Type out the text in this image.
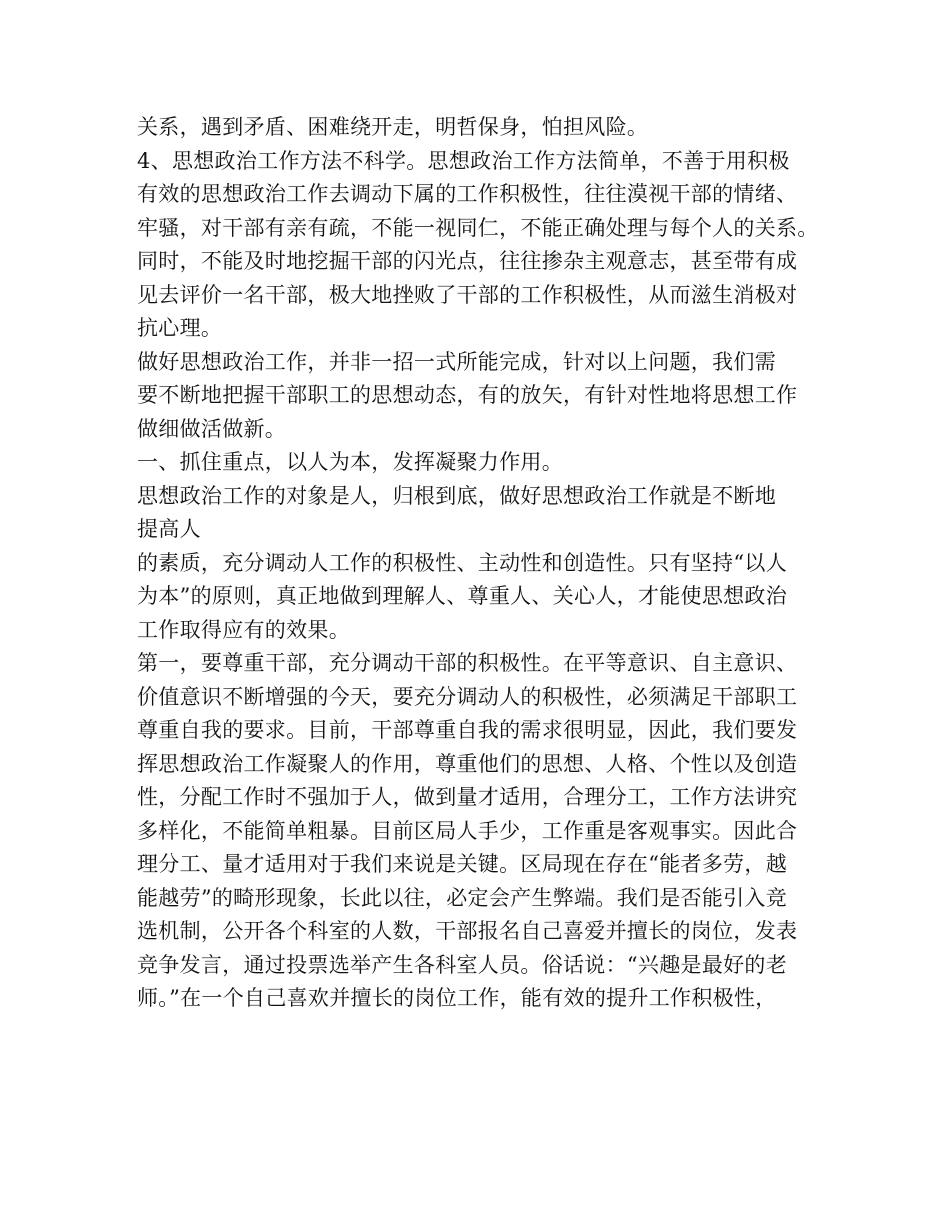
关系，遇到矛盾、困难绕开走，明哲保身，怕担风险。
4、思想政治工作方法不科学。思想政治工作方法简单，不善于用积极
有效的思想政治工作去调动下属的工作积极性，往往漠视干部的情绪、
牢骚，对干部有亲有疏，不能一视同仁，不能正确处理与每个人的关系。
同时，不能及时地挖掘干部的闪光点，往往掺杂主观意志，甚至带有成
见去评价一名干部，极大地挫败了干部的工作积极性，从而滋生消极对
抗心理。
做好思想政治工作，并非一招一式所能完成，针对以上问题，我们需
要不断地把握干部职工的思想动态，有的放矢，有针对性地将思想工作
做细做活做新。
一、抓住重点，以人为本，发挥凝聚力作用。
思想政治工作的对象是人，归根到底，做好思想政治工作就是不断地
提高人
的素质，充分调动人工作的积极性、主动性和创造性。只有坚持“以人
为本”的原则，真正地做到理解人、尊重人、关心人，才能使思想政治
工作取得应有的效果。
第一，要尊重干部，充分调动干部的积极性。在平等意识、自主意识、
价值意识不断增强的今天，要充分调动人的积极性，必须满足干部职工
尊重自我的要求。目前，干部尊重自我的需求很明显，因此，我们要发
挥思想政治工作凝聚人的作用，尊重他们的思想、人格、个性以及创造
性，分配工作时不强加于人，做到量才适用，合理分工，工作方法讲究
多样化，不能简单粗暴。目前区局人手少，工作重是客观事实。因此合
理分工、量才适用对于我们来说是关键。区局现在存在“能者多劳，越
能越劳”的畸形现象，长此以往，必定会产生弊端。我们是否能引入竞
选机制，公开各个科室的人数，干部报名自己喜爱并擅长的岗位，发表
竞争发言，通过投票选举产生各科室人员。俗话说：“兴趣是最好的老
师。”在一个自己喜欢并擅长的岗位工作，能有效的提升工作积极性，
